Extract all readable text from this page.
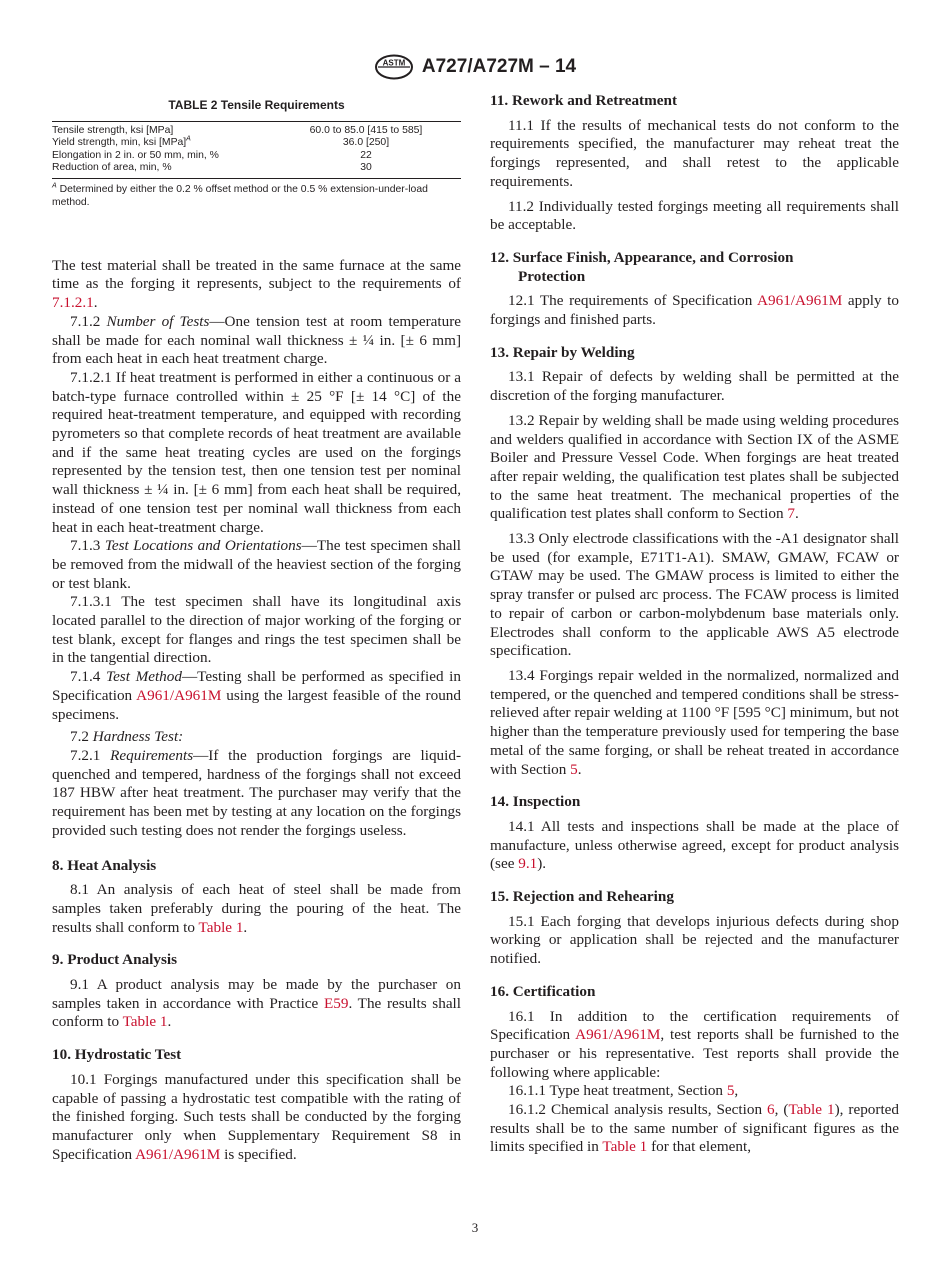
ASTM A727/A727M – 14
TABLE 2 Tensile Requirements
Tensile strength, ksi [MPa]	60.0 to 85.0 [415 to 585]
Yield strength, min, ksi [MPa]$^A$	36.0 [250]
Elongation in 2 in. or 50 mm, min, %	22
Reduction of area, min, %	30
$^A$ Determined by either the 0.2 % offset method or the 0.5 % extension-under-load method.

The test material shall be treated in the same furnace at the same time as the forging it represents, subject to the requirements of 7.1.2.1.

7.1.2 Number of Tests—One tension test at room temperature shall be made for each nominal wall thickness ± ¼ in. [± 6 mm] from each heat in each heat treatment charge.

7.1.2.1 If heat treatment is performed in either a continuous or a batch-type furnace controlled within ± 25 °F [± 14 °C] of the required heat-treatment temperature, and equipped with recording pyrometers so that complete records of heat treatment are available and if the same heat treating cycles are used on the forgings represented by the tension test, then one tension test per nominal wall thickness ± ¼ in. [± 6 mm] from each heat shall be required, instead of one tension test per nominal wall thickness from each heat in each heat-treatment charge.

7.1.3 Test Locations and Orientations—The test specimen shall be removed from the midwall of the heaviest section of the forging or test blank.

7.1.3.1 The test specimen shall have its longitudinal axis located parallel to the direction of major working of the forging or test blank, except for flanges and rings the test specimen shall be in the tangential direction.

7.1.4 Test Method—Testing shall be performed as specified in Specification A961/A961M using the largest feasible of the round specimens.

7.2 Hardness Test:

7.2.1 Requirements—If the production forgings are liquid-quenched and tempered, hardness of the forgings shall not exceed 187 HBW after heat treatment. The purchaser may verify that the requirement has been met by testing at any location on the forgings provided such testing does not render the forgings useless.

8. Heat Analysis

8.1 An analysis of each heat of steel shall be made from samples taken preferably during the pouring of the heat. The results shall conform to Table 1.

9. Product Analysis

9.1 A product analysis may be made by the purchaser on samples taken in accordance with Practice E59. The results shall conform to Table 1.

10. Hydrostatic Test

10.1 Forgings manufactured under this specification shall be capable of passing a hydrostatic test compatible with the rating of the finished forging. Such tests shall be conducted by the forging manufacturer only when Supplementary Requirement S8 in Specification A961/A961M is specified.

11. Rework and Retreatment

11.1 If the results of mechanical tests do not conform to the requirements specified, the manufacturer may reheat treat the forgings represented, and shall retest to the applicable requirements.

11.2 Individually tested forgings meeting all requirements shall be acceptable.

12. Surface Finish, Appearance, and Corrosion
Protection

12.1 The requirements of Specification A961/A961M apply to forgings and finished parts.

13. Repair by Welding

13.1 Repair of defects by welding shall be permitted at the discretion of the forging manufacturer.

13.2 Repair by welding shall be made using welding procedures and welders qualified in accordance with Section IX of the ASME Boiler and Pressure Vessel Code. When forgings are heat treated after repair welding, the qualification test plates shall be subjected to the same heat treatment. The mechanical properties of the qualification test plates shall conform to Section 7.

13.3 Only electrode classifications with the -A1 designator shall be used (for example, E71T1-A1). SMAW, GMAW, FCAW or GTAW may be used. The GMAW process is limited to either the spray transfer or pulsed arc process. The FCAW process is limited to repair of carbon or carbon-molybdenum base materials only. Electrodes shall conform to the applicable AWS A5 electrode specification.

13.4 Forgings repair welded in the normalized, normalized and tempered, or the quenched and tempered conditions shall be stress-relieved after repair welding at 1100 °F [595 °C] minimum, but not higher than the temperature previously used for tempering the base metal of the same forging, or shall be reheat treated in accordance with Section 5.

14. Inspection

14.1 All tests and inspections shall be made at the place of manufacture, unless otherwise agreed, except for product analysis (see 9.1).

15. Rejection and Rehearing

15.1 Each forging that develops injurious defects during shop working or application shall be rejected and the manufacturer notified.

16. Certification

16.1 In addition to the certification requirements of Specification A961/A961M, test reports shall be furnished to the purchaser or his representative. Test reports shall provide the following where applicable:

16.1.1 Type heat treatment, Section 5,

16.1.2 Chemical analysis results, Section 6, (Table 1), reported results shall be to the same number of significant figures as the limits specified in Table 1 for that element,

3
